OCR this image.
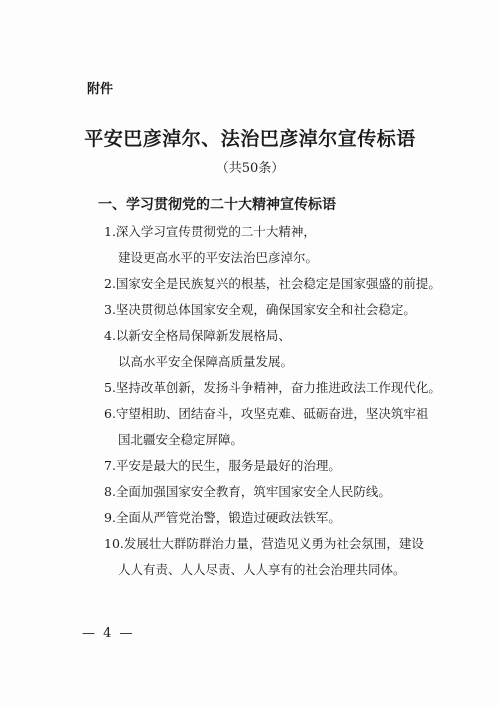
附件
平安巴彦淖尔、法治巴彦淖尔宣传标语
（共50条）
一、学习贯彻党的二十大精神宣传标语
1.深入学习宣传贯彻党的二十大精神，
建设更高水平的平安法治巴彦淖尔。
2.国家安全是民族复兴的根基，社会稳定是国家强盛的前提。
3.坚决贯彻总体国家安全观，确保国家安全和社会稳定。
4.以新安全格局保障新发展格局、
以高水平安全保障高质量发展。
5.坚持改革创新，发扬斗争精神，奋力推进政法工作现代化。
6.守望相助、团结奋斗，攻坚克难、砥砺奋进，坚决筑牢祖
国北疆安全稳定屏障。
7.平安是最大的民生，服务是最好的治理。
8.全面加强国家安全教育，筑牢国家安全人民防线。
9.全面从严管党治警，锻造过硬政法铁军。
10.发展壮大群防群治力量，营造见义勇为社会氛围，建设
人人有责、人人尽责、人人享有的社会治理共同体。
— 4 —
